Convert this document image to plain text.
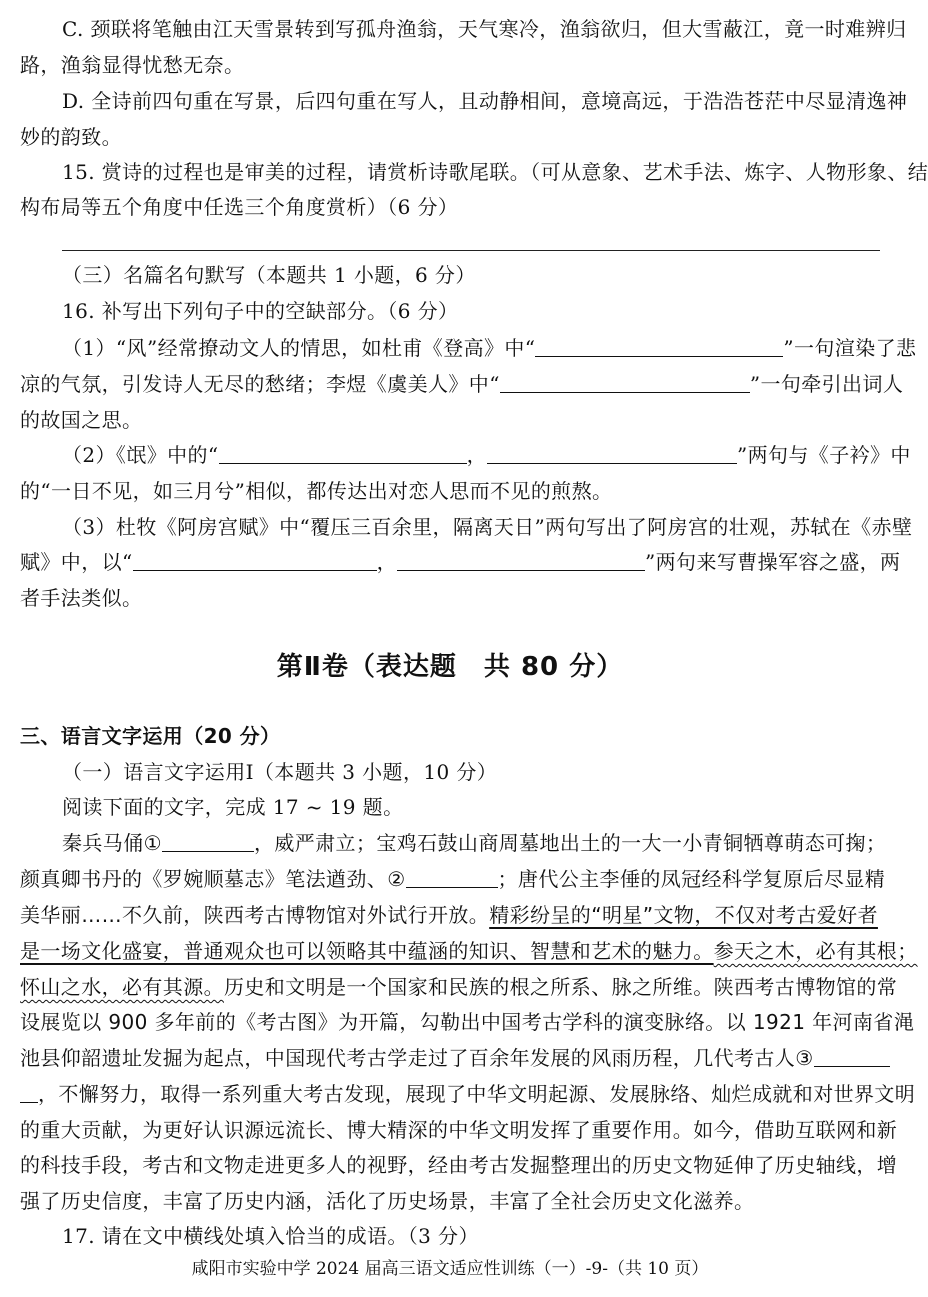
C. 颈联将笔触由江天雪景转到写孤舟渔翁，天气寒冷，渔翁欲归，但大雪蔽江，竟一时难辨归
路，渔翁显得忧愁无奈。
D. 全诗前四句重在写景，后四句重在写人，且动静相间，意境高远，于浩浩苍茫中尽显清逸神
妙的韵致。
15. 赏诗的过程也是审美的过程，请赏析诗歌尾联。（可从意象、艺术手法、炼字、人物形象、结
构布局等五个角度中任选三个角度赏析）（6 分）
（三）名篇名句默写（本题共 1 小题，6 分）
16. 补写出下列句子中的空缺部分。（6 分）
（1）“风”经常撩动文人的情思，如杜甫《登高》中“	”一句渲染了悲
凉的气氛，引发诗人无尽的愁绪；李煜《虞美人》中“	”一句牵引出词人
的故国之思。
（2）《氓》中的“	，	”两句与《子衿》中
的“一日不见，如三月兮”相似，都传达出对恋人思而不见的煎熬。
（3）杜牧《阿房宫赋》中“覆压三百余里，隔离天日”两句写出了阿房宫的壮观，苏轼在《赤壁
赋》中，以“	，	”两句来写曹操军容之盛，两
者手法类似。
第Ⅱ卷（表达题　共 80 分）
三、语言文字运用（20 分）
（一）语言文字运用Ⅰ（本题共 3 小题，10 分）
阅读下面的文字，完成 17 ~ 19 题。
秦兵马俑①	，威严肃立；宝鸡石鼓山商周墓地出土的一大一小青铜牺尊萌态可掬；
颜真卿书丹的《罗婉顺墓志》笔法遒劲、②	；唐代公主李倕的凤冠经科学复原后尽显精
美华丽……不久前，陕西考古博物馆对外试行开放。精彩纷呈的“明星”文物，不仅对考古爱好者
是一场文化盛宴，普通观众也可以领略其中蕴涵的知识、智慧和艺术的魅力。参天之木，必有其根；
怀山之水，必有其源。历史和文明是一个国家和民族的根之所系、脉之所维。陕西考古博物馆的常
设展览以 900 多年前的《考古图》为开篇，勾勒出中国考古学科的演变脉络。以 1921 年河南省渑
池县仰韶遗址发掘为起点，中国现代考古学走过了百余年发展的风雨历程，几代考古人③
，不懈努力，取得一系列重大考古发现，展现了中华文明起源、发展脉络、灿烂成就和对世界文明
的重大贡献，为更好认识源远流长、博大精深的中华文明发挥了重要作用。如今，借助互联网和新
的科技手段，考古和文物走进更多人的视野，经由考古发掘整理出的历史文物延伸了历史轴线，增
强了历史信度，丰富了历史内涵，活化了历史场景，丰富了全社会历史文化滋养。
17. 请在文中横线处填入恰当的成语。（3 分）
咸阳市实验中学 2024 届高三语文适应性训练（一）-9-（共 10 页）
